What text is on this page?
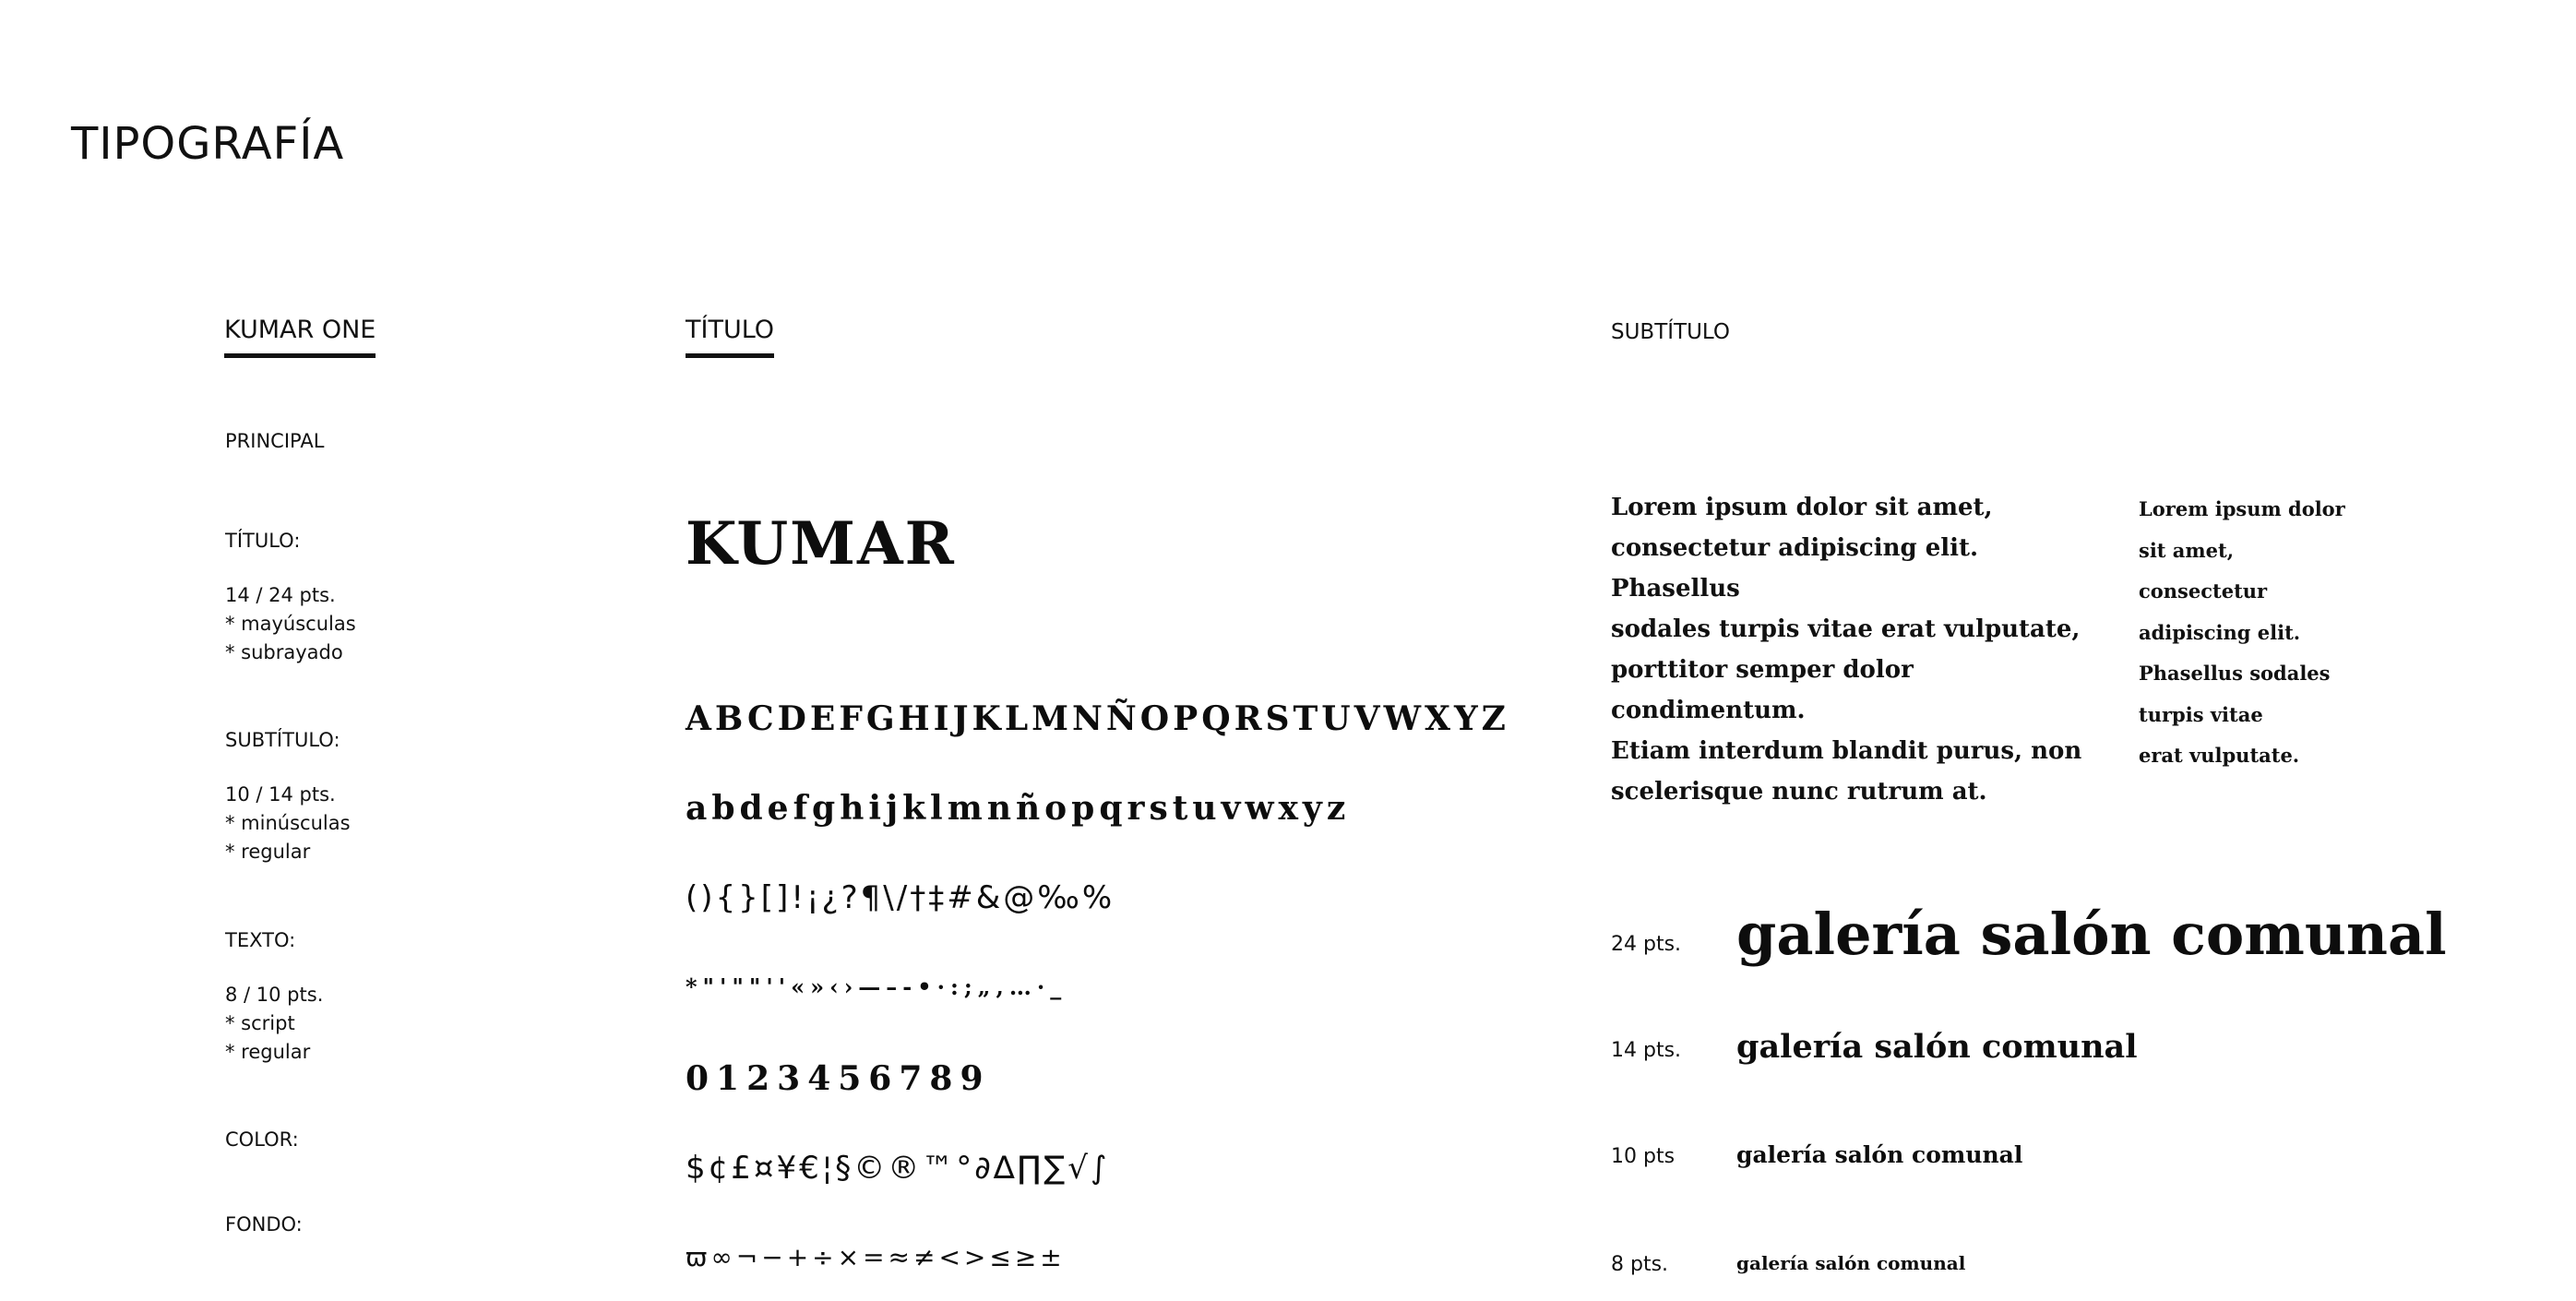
TIPOGRAFÍA
KUMAR ONE	TÍTULO	SUBTÍTULO
PRINCIPAL
TÍTULO:
14 / 24 pts.
* mayúsculas
* subrayado
SUBTÍTULO:
10 / 14 pts.
* minúsculas
* regular
TEXTO:
8 / 10 pts.
* script
* regular
COLOR:
FONDO:
KUMAR
ABCDEFGHIJKLMNÑOPQRSTUVWXYZ
abdefghijklmnñopqrstuvwxyz
(){}[]!¡¿?¶\/†‡#&@‰%
*"'""''«»‹›—–-•·:;„,…·_
0123456789
$¢£¤¥€¦§©®™°∂∆∏∑√∫
ϖ∞¬−+÷×=≈≠<>≤≥±
Lorem ipsum dolor sit amet,
consectetur adipiscing elit. Phasellus
sodales turpis vitae erat vulputate,
porttitor semper dolor condimentum.
Etiam interdum blandit purus, non
scelerisque nunc rutrum at.
Lorem ipsum dolor
sit amet, consectetur
adipiscing elit.
Phasellus sodales
turpis vitae
erat vulputate.
24 pts. galería salón comunal
14 pts. galería salón comunal
10 pts	galería salón comunal
8 pts.	galería salón comunal
